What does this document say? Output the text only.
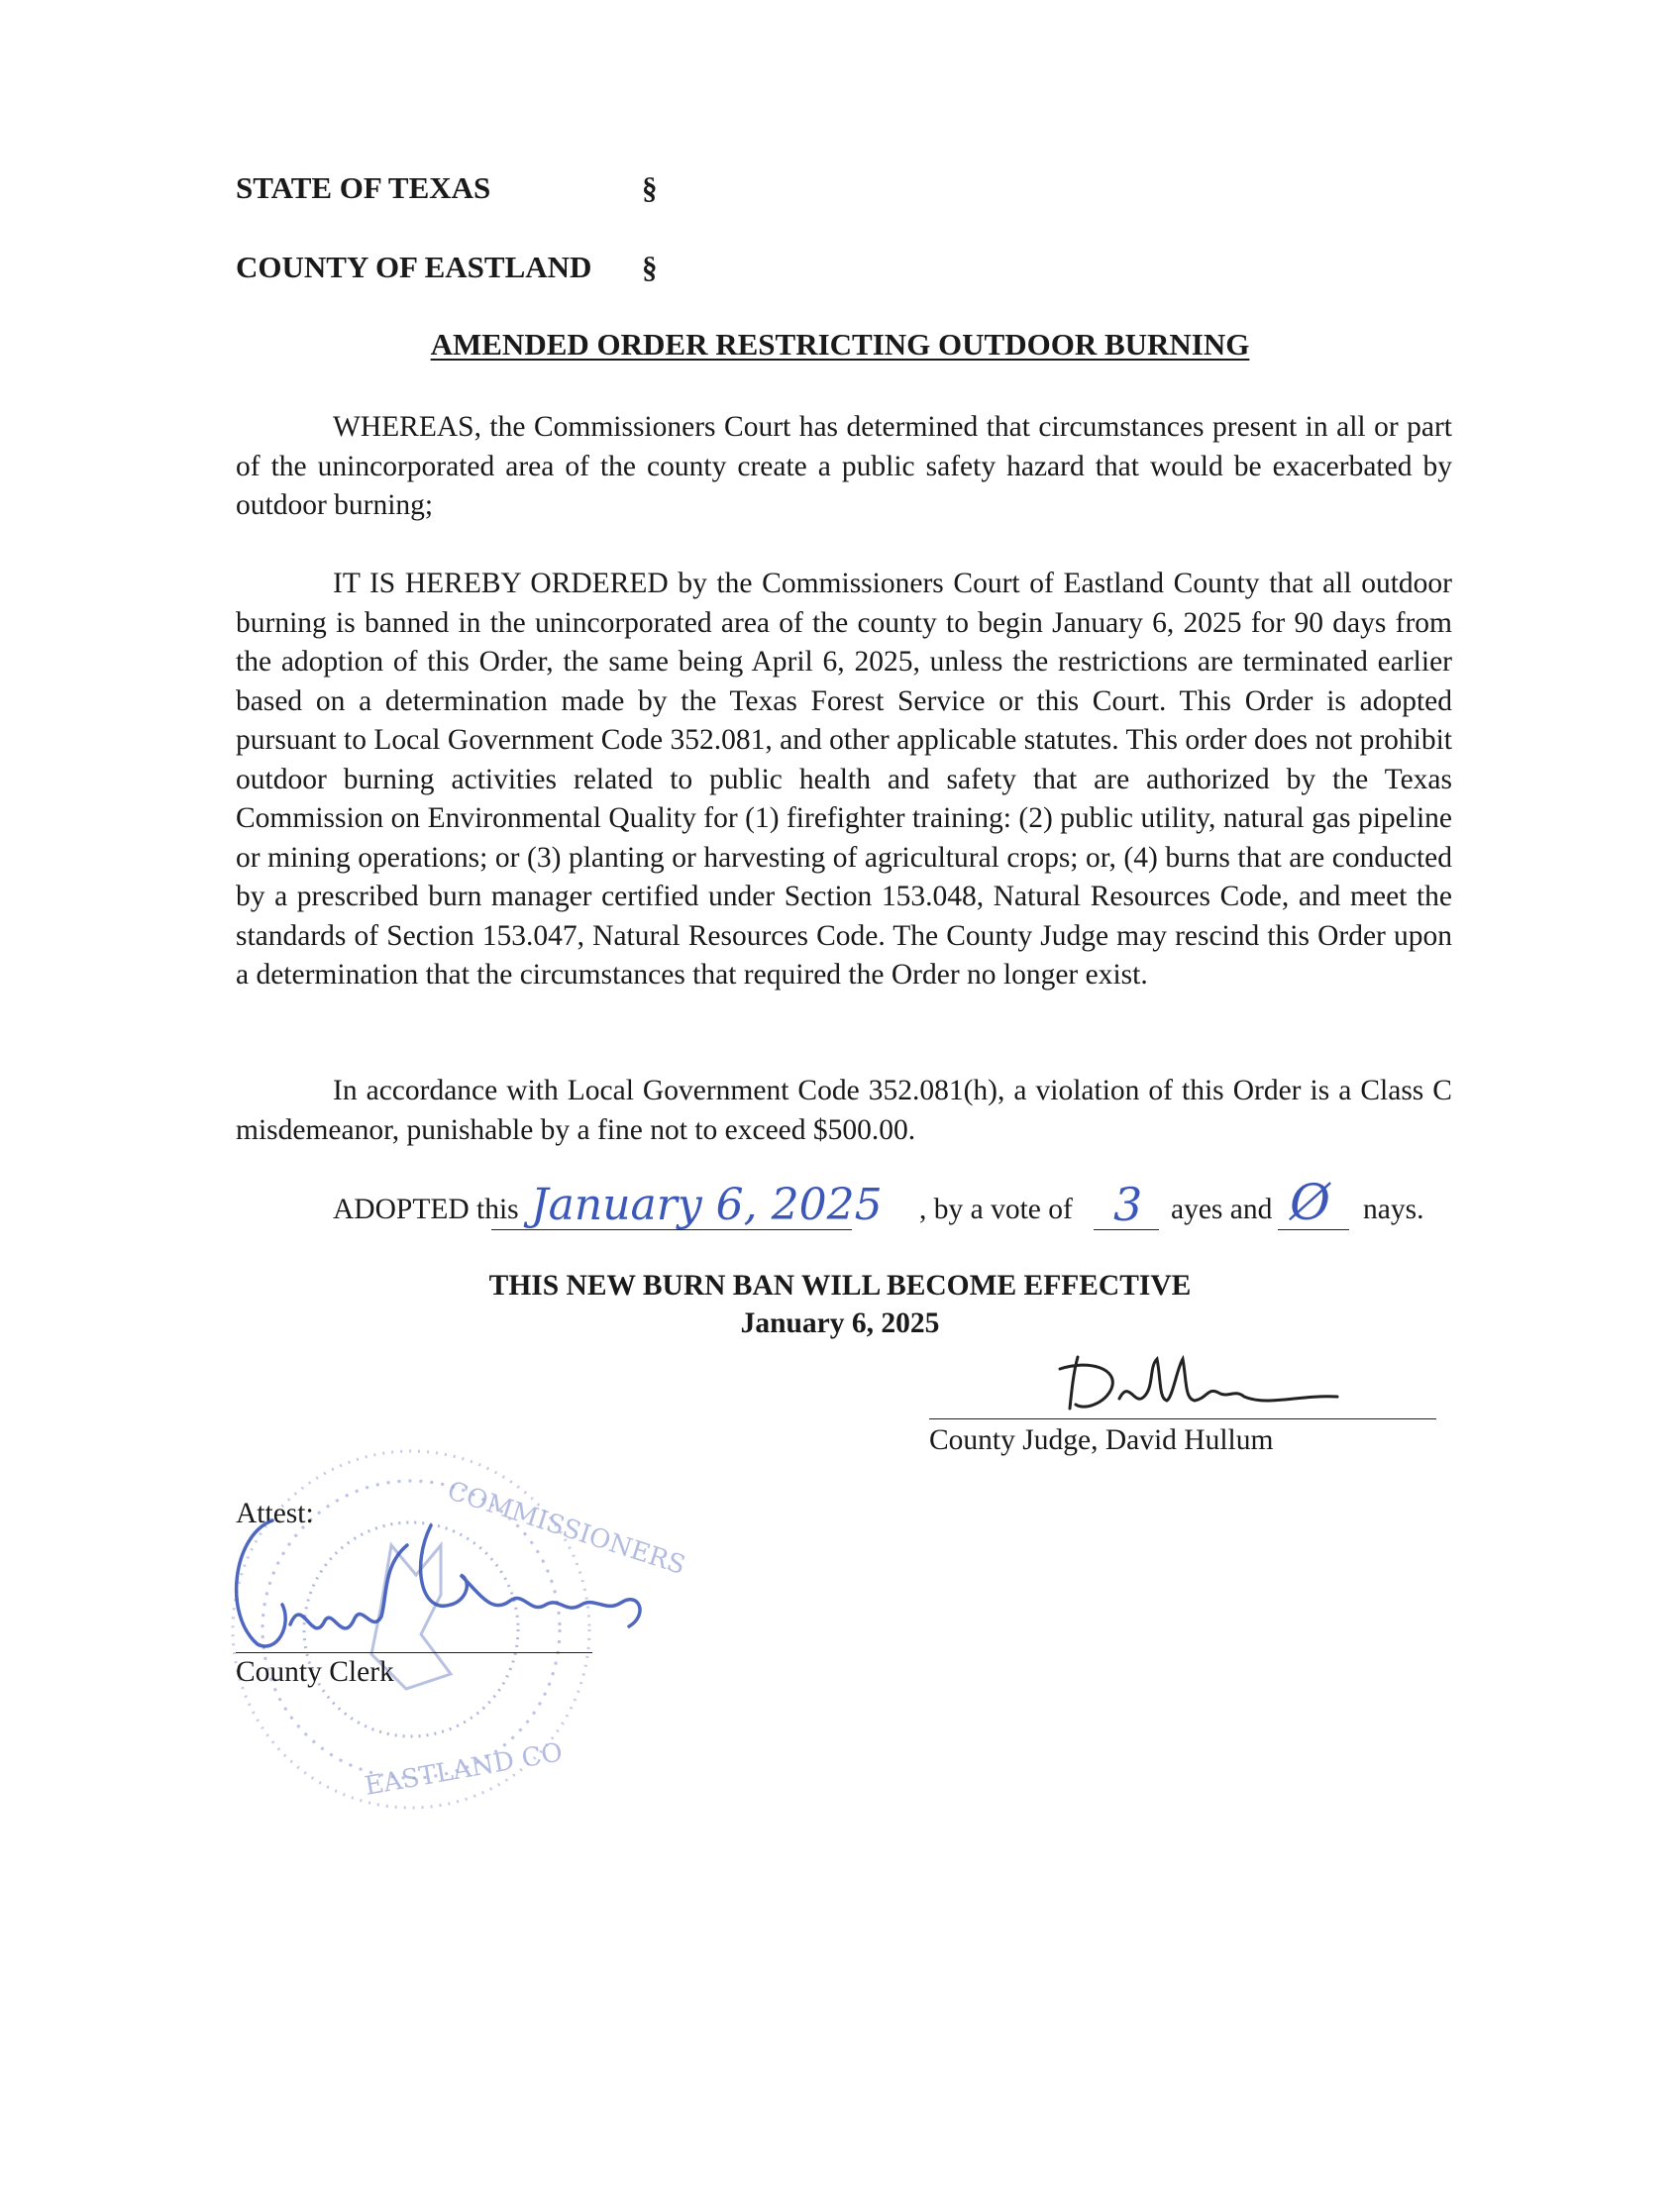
STATE OF TEXAS	§
COUNTY OF EASTLAND §
AMENDED ORDER RESTRICTING OUTDOOR BURNING

WHEREAS, the Commissioners Court has determined that circumstances present in all or part of the unincorporated area of the county create a public safety hazard that would be exacerbated by outdoor burning;

IT IS HEREBY ORDERED by the Commissioners Court of Eastland County that all outdoor burning is banned in the unincorporated area of the county to begin January 6, 2025 for 90 days from the adoption of this Order, the same being April 6, 2025, unless the restrictions are terminated earlier based on a determination made by the Texas Forest Service or this Court. This Order is adopted pursuant to Local Government Code 352.081, and other applicable statutes. This order does not prohibit outdoor burning activities related to public health and safety that are authorized by the Texas Commission on Environmental Quality for (1) firefighter training: (2) public utility, natural gas pipeline or mining operations; or (3) planting or harvesting of agricultural crops; or, (4) burns that are conducted by a prescribed burn manager certified under Section 153.048, Natural Resources Code, and meet the standards of Section 153.047, Natural Resources Code. The County Judge may rescind this Order upon a determination that the circumstances that required the Order no longer exist.

In accordance with Local Government Code 352.081(h), a violation of this Order is a Class C misdemeanor, punishable by a fine not to exceed $500.00.

ADOPTED this January 6, 2025 , by a vote of 3 ayes and Ø nays.
THIS NEW BURN BAN WILL BECOME EFFECTIVE
January 6, 2025
County Judge, David Hullum
COMMISSIONERS
EASTLAND CO
Attest:
County Clerk
